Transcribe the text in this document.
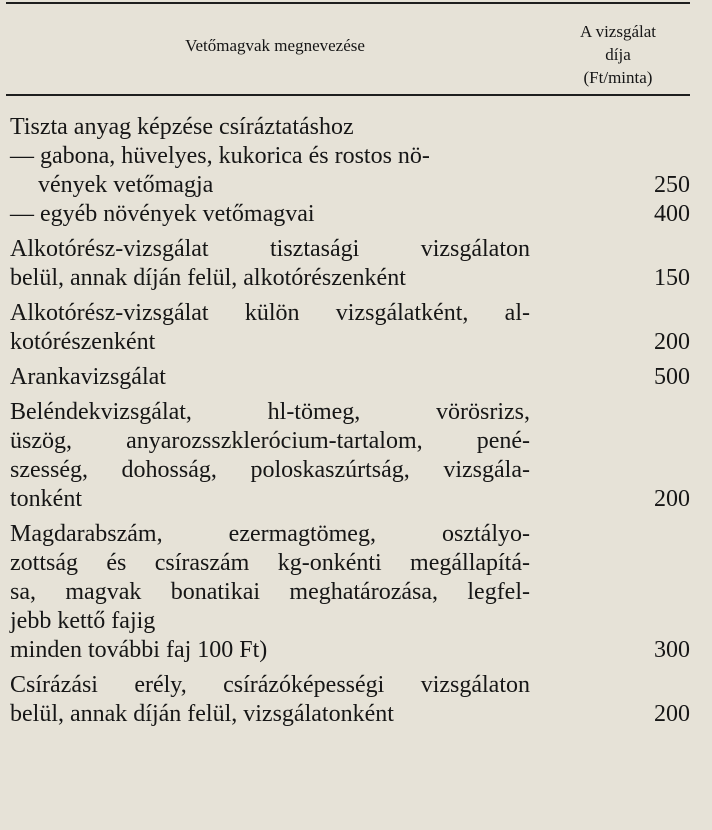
Vetőmagvak megnevezése
A vizsgálat
díja
(Ft/minta)
Tiszta anyag képzése csíráztatáshoz
— gabona, hüvelyes, kukorica és rostos nö-
vények vetőmagja	250
— egyéb növények vetőmagvai	400
Alkotórész-vizsgálat tisztasági vizsgálaton
belül, annak díján felül, alkotórészenként	150
Alkotórész-vizsgálat külön vizsgálatként, al-
kotórészenként	200
Arankavizsgálat	500
Beléndekvizsgálat, hl-tömeg, vörösrizs,
üszög, anyarozsszklerócium-tartalom, pené-
szesség, dohosság, poloskaszúrtság, vizsgála-
tonként	200
Magdarabszám, ezermagtömeg, osztályo-
zottság és csíraszám kg-onkénti megállapítá-
sa, magvak bonatikai meghatározása, legfel-
jebb kettő fajig
minden további faj 100 Ft)	300
Csírázási erély, csírázóképességi vizsgálaton
belül, annak díján felül, vizsgálatonként	200
